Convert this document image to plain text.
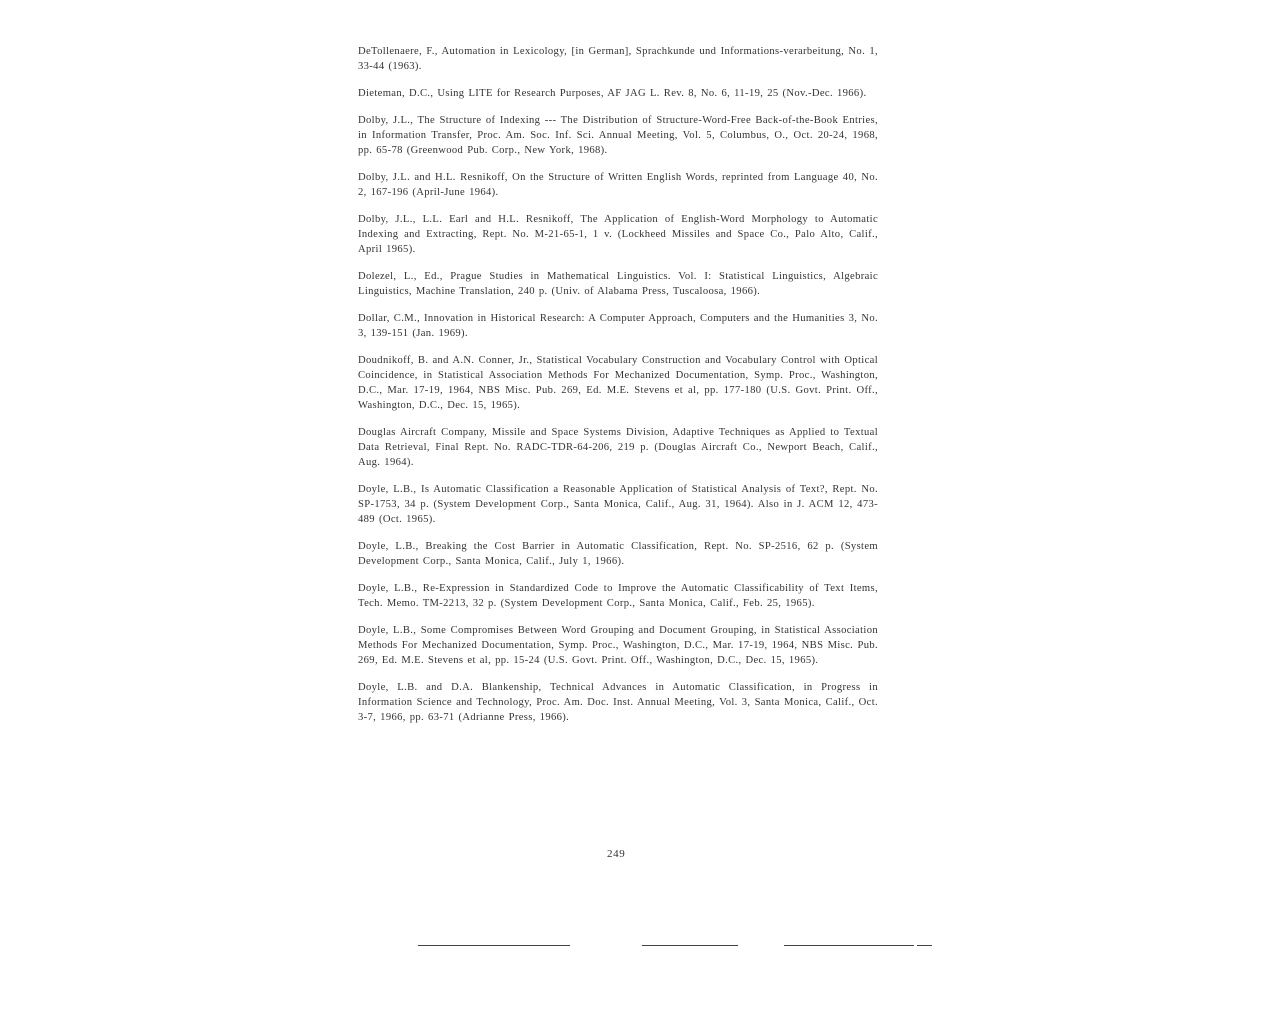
DeTollenaere, F., Automation in Lexicology, [in German], Sprachkunde und Informations-verarbeitung, No. 1, 33-44 (1963).

Dieteman, D.C., Using LITE for Research Purposes, AF JAG L. Rev. 8, No. 6, 11-19, 25 (Nov.-Dec. 1966).

Dolby, J.L., The Structure of Indexing --- The Distribution of Structure-Word-Free Back-of-the-Book Entries, in Information Transfer, Proc. Am. Soc. Inf. Sci. Annual Meeting, Vol. 5, Columbus, O., Oct. 20-24, 1968, pp. 65-78 (Greenwood Pub. Corp., New York, 1968).

Dolby, J.L. and H.L. Resnikoff, On the Structure of Written English Words, reprinted from Language 40, No. 2, 167-196 (April-June 1964).

Dolby, J.L., L.L. Earl and H.L. Resnikoff, The Application of English-Word Morphology to Automatic Indexing and Extracting, Rept. No. M-21-65-1, 1 v. (Lockheed Missiles and Space Co., Palo Alto, Calif., April 1965).

Dolezel, L., Ed., Prague Studies in Mathematical Linguistics. Vol. I: Statistical Linguistics, Algebraic Linguistics, Machine Translation, 240 p. (Univ. of Alabama Press, Tuscaloosa, 1966).

Dollar, C.M., Innovation in Historical Research: A Computer Approach, Computers and the Humanities 3, No. 3, 139-151 (Jan. 1969).

Doudnikoff, B. and A.N. Conner, Jr., Statistical Vocabulary Construction and Vocabulary Control with Optical Coincidence, in Statistical Association Methods For Mechanized Documentation, Symp. Proc., Washington, D.C., Mar. 17-19, 1964, NBS Misc. Pub. 269, Ed. M.E. Stevens et al, pp. 177-180 (U.S. Govt. Print. Off., Washington, D.C., Dec. 15, 1965).

Douglas Aircraft Company, Missile and Space Systems Division, Adaptive Techniques as Applied to Textual Data Retrieval, Final Rept. No. RADC-TDR-64-206, 219 p. (Douglas Aircraft Co., Newport Beach, Calif., Aug. 1964).

Doyle, L.B., Is Automatic Classification a Reasonable Application of Statistical Analysis of Text?, Rept. No. SP-1753, 34 p. (System Development Corp., Santa Monica, Calif., Aug. 31, 1964). Also in J. ACM 12, 473-489 (Oct. 1965).

Doyle, L.B., Breaking the Cost Barrier in Automatic Classification, Rept. No. SP-2516, 62 p. (System Development Corp., Santa Monica, Calif., July 1, 1966).

Doyle, L.B., Re-Expression in Standardized Code to Improve the Automatic Classificability of Text Items, Tech. Memo. TM-2213, 32 p. (System Development Corp., Santa Monica, Calif., Feb. 25, 1965).

Doyle, L.B., Some Compromises Between Word Grouping and Document Grouping, in Statistical Association Methods For Mechanized Documentation, Symp. Proc., Washington, D.C., Mar. 17-19, 1964, NBS Misc. Pub. 269, Ed. M.E. Stevens et al, pp. 15-24 (U.S. Govt. Print. Off., Washington, D.C., Dec. 15, 1965).

Doyle, L.B. and D.A. Blankenship, Technical Advances in Automatic Classification, in Progress in Information Science and Technology, Proc. Am. Doc. Inst. Annual Meeting, Vol. 3, Santa Monica, Calif., Oct. 3-7, 1966, pp. 63-71 (Adrianne Press, 1966).

249
